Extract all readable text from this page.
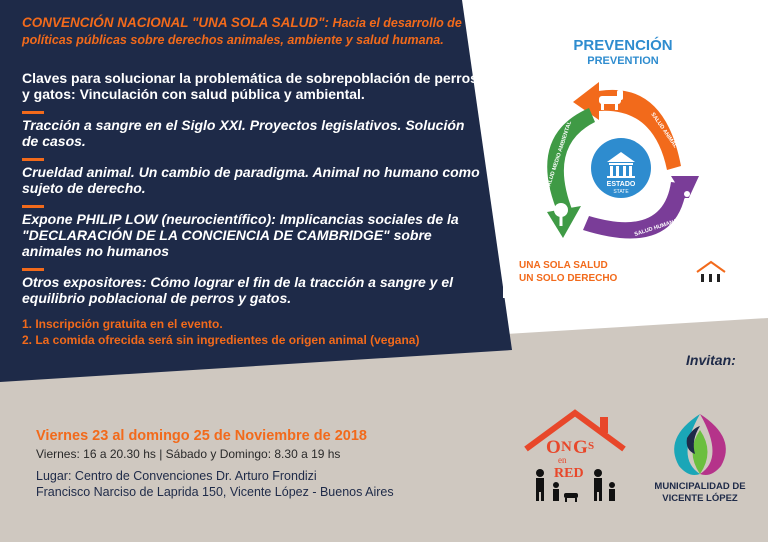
CONVENCIÓN NACIONAL "UNA SOLA SALUD": Hacia el desarrollo de políticas públicas sobre derechos animales, ambiente y salud humana.
Claves para solucionar la problemática de sobrepoblación de perros y gatos: Vinculación con salud pública y ambiental.
Tracción a sangre en el Siglo XXI. Proyectos legislativos. Solución de casos.
Crueldad animal. Un cambio de paradigma. Animal no humano como sujeto de derecho.
Expone PHILIP LOW (neurocientífico): Implicancias sociales de la "DECLARACIÓN DE LA CONCIENCIA DE CAMBRIDGE" sobre animales no humanos
Otros expositores: Cómo lograr el fin de la tracción a sangre y el equilibrio poblacional de perros y gatos.
1. Inscripción gratuita en el evento.
2. La comida ofrecida será sin ingredientes de origen animal (vegana)
Viernes 23 al domingo 25 de Noviembre de 2018
Viernes: 16 a 20.30 hs | Sábado y Domingo: 8.30 a 19 hs
Lugar: Centro de Convenciones Dr. Arturo Frondizi
Francisco Narciso de Laprida 150, Vicente López - Buenos Aires
Invitan:
PREVENCIÓN
PREVENTION
SALUD ANIMAL
SALUD MEDIO AMBIENTAL
SALUD HUMANA
ESTADO
STATE
UNA SOLA SALUD
UN SOLO DERECHO
O N G S
en
RED
MUNICIPALIDAD DE
VICENTE LÓPEZ
